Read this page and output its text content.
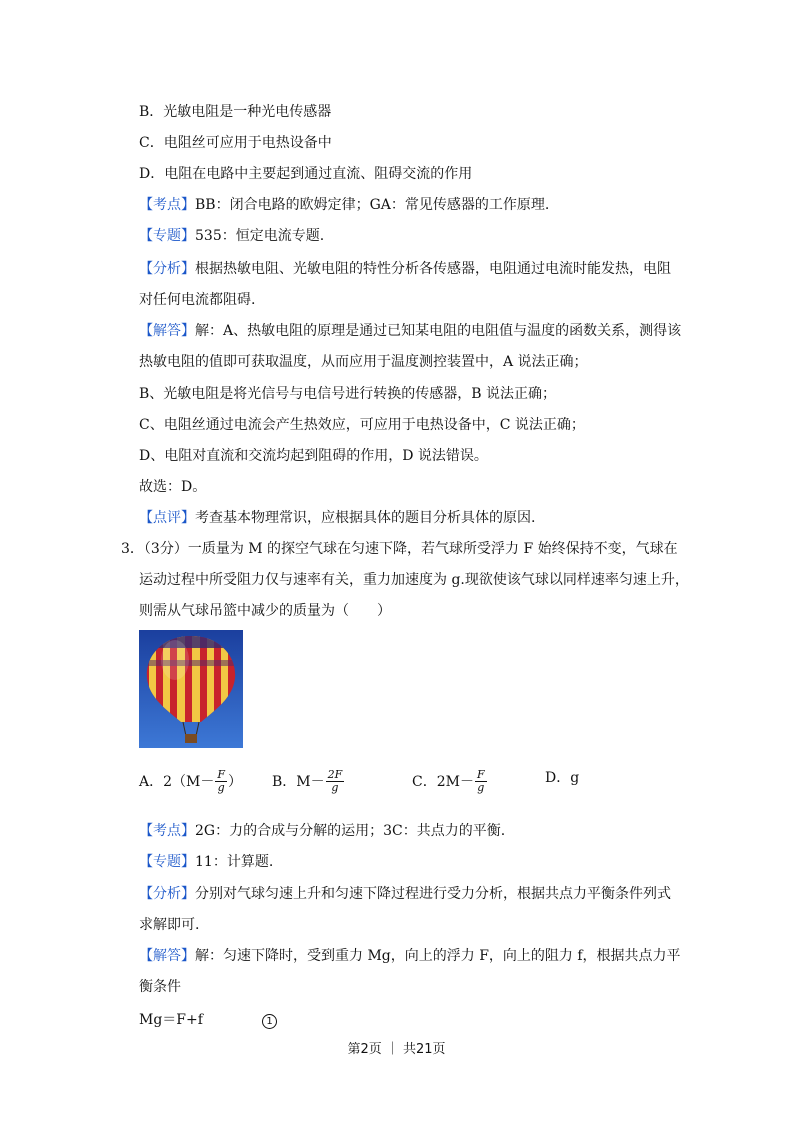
B．光敏电阻是一种光电传感器
C．电阻丝可应用于电热设备中
D．电阻在电路中主要起到通过直流、阻碍交流的作用
【考点】BB：闭合电路的欧姆定律；GA：常见传感器的工作原理.
【专题】535：恒定电流专题.
【分析】根据热敏电阻、光敏电阻的特性分析各传感器，电阻通过电流时能发热，电阻
对任何电流都阻碍.
【解答】解：A、热敏电阻的原理是通过已知某电阻的电阻值与温度的函数关系，测得该
热敏电阻的值即可获取温度，从而应用于温度测控装置中，A 说法正确；
B、光敏电阻是将光信号与电信号进行转换的传感器，B 说法正确；
C、电阻丝通过电流会产生热效应，可应用于电热设备中，C 说法正确；
D、电阻对直流和交流均起到阻碍的作用，D 说法错误。
故选：D。
【点评】考查基本物理常识，应根据具体的题目分析具体的原因.
3．（3分）一质量为 M 的探空气球在匀速下降，若气球所受浮力 F 始终保持不变，气球在
运动过程中所受阻力仅与速率有关，重力加速度为 g.现欲使该气球以同样速率匀速上升，
则需从气球吊篮中减少的质量为（　　）
A．$2(M- \frac{F}{g}$ ） B．$M- \frac{2F}{g}$	C．$2M- \frac{F}{g}$	D．g
【考点】2G：力的合成与分解的运用；3C：共点力的平衡.
【专题】11：计算题.
【分析】分别对气球匀速上升和匀速下降过程进行受力分析，根据共点力平衡条件列式
求解即可.
【解答】解：匀速下降时，受到重力 Mg，向上的浮力 F，向上的阻力 f，根据共点力平
衡条件
Mg＝F+f	1
第2页 ｜ 共21页
